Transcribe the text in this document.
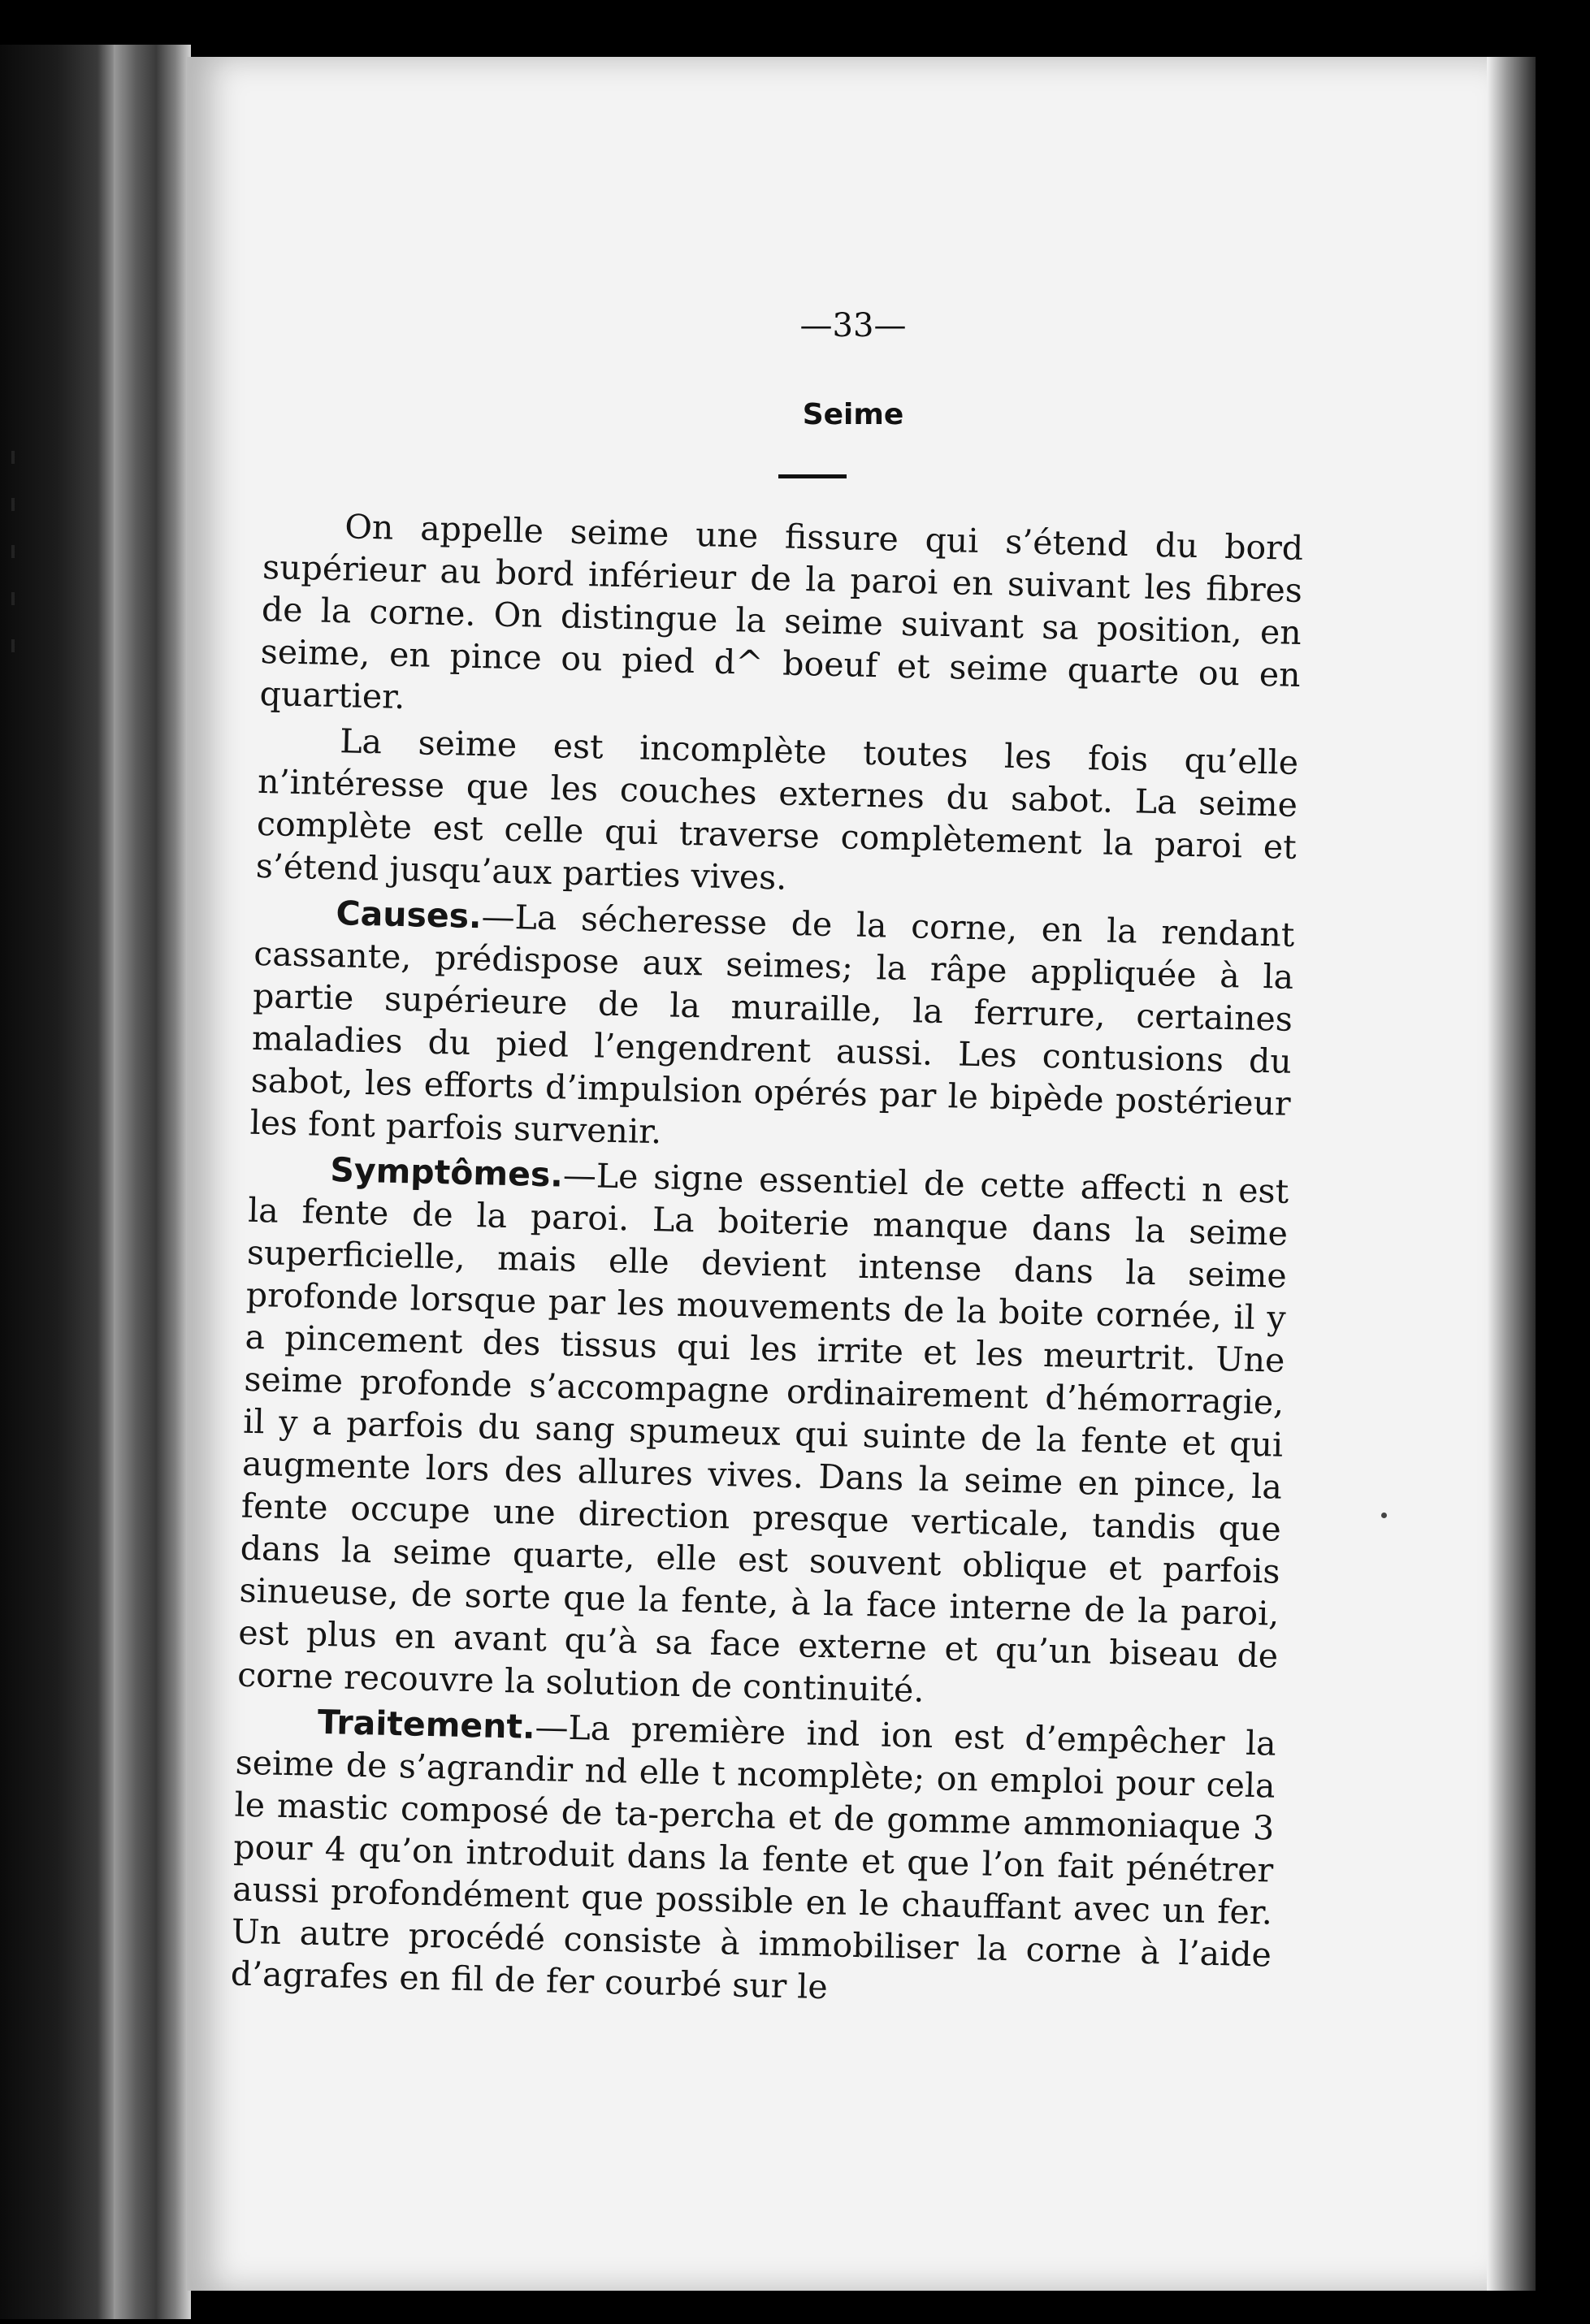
—33—
Seime

On appelle seime une fissure qui s’étend du bord supérieur au bord inférieur de la paroi en suivant les fibres de la corne. On distingue la seime suivant sa position, en seime, en pince ou pied d^ boeuf et seime quarte ou en quartier.

La seime est incomplète toutes les fois qu’elle n’intéresse que les couches externes du sabot. La seime complète est celle qui traverse complètement la paroi et s’étend jusqu’aux parties vives.

Causes.—La sécheresse de la corne, en la rendant cassante, prédispose aux seimes; la râpe appliquée à la partie supérieure de la muraille, la ferrure, certaines maladies du pied l’engendrent aussi. Les contusions du sabot, les efforts d’impulsion opérés par le bipède postérieur les font parfois survenir.

Symptômes.—Le signe essentiel de cette affecti n est la fente de la paroi. La boiterie manque dans la seime superficielle, mais elle devient intense dans la seime profonde lorsque par les mouvements de la boite cornée, il y a pincement des tissus qui les irrite et les meurtrit. Une seime profonde s’accompagne ordinairement d’hémorragie, il y a parfois du sang spumeux qui suinte de la fente et qui augmente lors des allures vives. Dans la seime en pince, la fente occupe une direction presque verticale, tandis que dans la seime quarte, elle est souvent oblique et parfois sinueuse, de sorte que la fente, à la face interne de la paroi, est plus en avant qu’à sa face externe et qu’un biseau de corne recouvre la solution de continuité.

Traitement.—La première ind ion est d’empêcher la seime de s’agrandir nd elle t ncomplète; on emploi pour cela le mastic composé de ta-percha et de gomme ammoniaque 3 pour 4 qu’on introduit dans la fente et que l’on fait pénétrer aussi profondément que possible en le chauffant avec un fer. Un autre procédé consiste à immobiliser la corne à l’aide d’agrafes en fil de fer courbé sur le
